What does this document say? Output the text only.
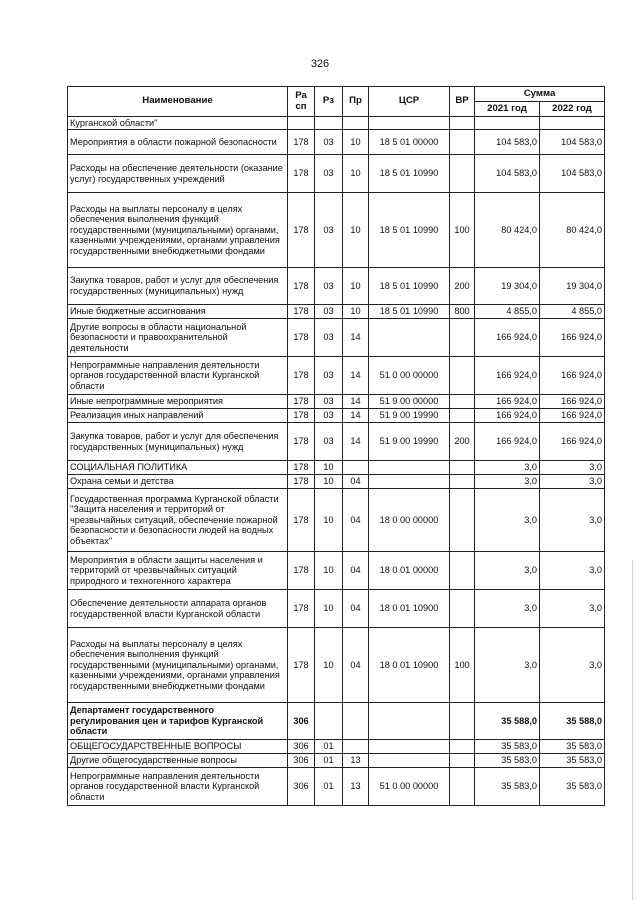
326
Наименование	Ра сп	Рз	Пр	ЦСР	ВР	Сумма	
						2021 год	2022 год
Курганской области"							
Мероприятия в области пожарной безопасности	178	03	10	18 5 01 00000		104 583,0	104 583,0
Расходы на обеспечение деятельности (оказание услуг) государственных учреждений	178	03	10	18 5 01 10990		104 583,0	104 583,0
Расходы на выплаты персоналу в целях обеспечения выполнения функций государственными (муниципальными) органами, казенными учреждениями, органами управления государственными внебюджетными фондами	178	03	10	18 5 01 10990	100	80 424,0	80 424,0
Закупка товаров, работ и услуг для обеспечения государственных (муниципальных) нужд	178	03	10	18 5 01 10990	200	19 304,0	19 304,0
Иные бюджетные ассигнования	178	03	10	18 5 01 10990	800	4 855,0	4 855,0
Другие вопросы в области национальной безопасности и правоохранительной деятельности	178	03	14			166 924,0	166 924,0
Непрограммные направления деятельности органов государственной власти Курганской области	178	03	14	51 0 00 00000		166 924,0	166 924,0
Иные непрограммные мероприятия	178	03	14	51 9 00 00000		166 924,0	166 924,0
Реализация иных направлений	178	03	14	51 9 00 19990		166 924,0	166 924,0
Закупка товаров, работ и услуг для обеспечения государственных (муниципальных) нужд	178	03	14	51 9 00 19990	200	166 924,0	166 924,0
СОЦИАЛЬНАЯ ПОЛИТИКА	178	10				3,0	3,0
Охрана семьи и детства	178	10	04			3,0	3,0
Государственная программа Курганской области "Защита населения и территорий от чрезвычайных ситуаций, обеспечение пожарной безопасности и безопасности людей на водных объектах"	178	10	04	18 0 00 00000		3,0	3,0
Мероприятия в области защиты населения и территорий от чрезвычайных ситуаций природного и техногенного характера	178	10	04	18 0 01 00000		3,0	3,0
Обеспечение деятельности аппарата органов государственной власти Курганской области	178	10	04	18 0 01 10900		3,0	3,0
Расходы на выплаты персоналу в целях обеспечения выполнения функций государственными (муниципальными) органами, казенными учреждениями, органами управления государственными внебюджетными фондами	178	10	04	18 0 01 10900	100	3,0	3,0
Департамент государственного регулирования цен и тарифов Курганской области	306					35 588,0	35 588,0
ОБЩЕГОСУДАРСТВЕННЫЕ ВОПРОСЫ	306	01				35 583,0	35 583,0
Другие общегосударственные вопросы	306	01	13			35 583,0	35 583,0
Непрограммные направления деятельности органов государственной власти Курганской области	306	01	13	51 0 00 00000		35 583,0	35 583,0
